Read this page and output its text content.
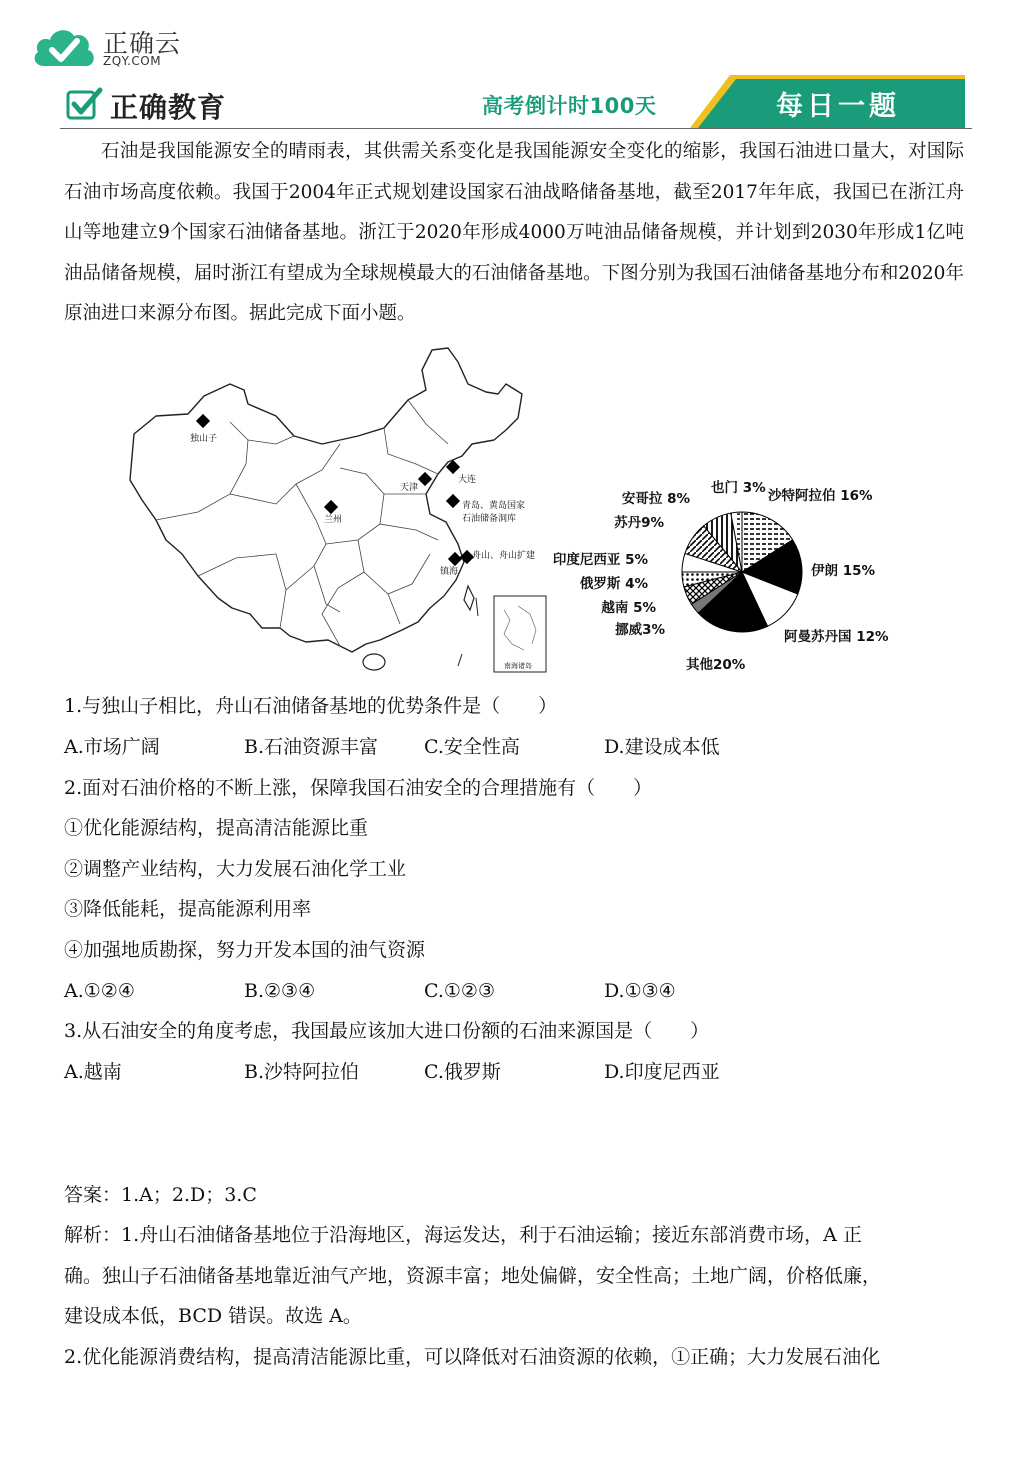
正确云
ZQY.COM
正确教育	高考倒计时100天	每日一题
石油是我国能源安全的晴雨表，其供需关系变化是我国能源安全变化的缩影，我国石油进口量大，对国际石油市场高度依赖。我国于2004年正式规划建设国家石油战略储备基地，截至2017年年底，我国已在浙江舟山等地建立9个国家石油储备基地。浙江于2020年形成4000万吨油品储备规模，并计划到2030年形成1亿吨油品储备规模，届时浙江有望成为全球规模最大的石油储备基地。下图分别为我国石油储备基地分布和2020年原油进口来源分布图。据此完成下面小题。
南海诸岛
独山子
兰州
天津
大连
青岛、黄岛国家
石油储备洞库
舟山、舟山扩建
镇海
沙特阿拉伯 16%
伊朗 15%
阿曼苏丹国 12%
其他20%
挪威3%
越南 5%
俄罗斯 4%
印度尼西亚 5%
苏丹9%
安哥拉 8%
也门 3%
1.与独山子相比，舟山石油储备基地的优势条件是（　　）
A.市场广阔	B.石油资源丰富 C.安全性高	D.建设成本低
2.面对石油价格的不断上涨，保障我国石油安全的合理措施有（　　）
①优化能源结构，提高清洁能源比重
②调整产业结构，大力发展石油化学工业
③降低能耗，提高能源利用率
④加强地质勘探，努力开发本国的油气资源
A.①②④	B.②③④	C.①②③	D.①③④
3.从石油安全的角度考虑，我国最应该加大进口份额的石油来源国是（　　）
A.越南	B.沙特阿拉伯	C.俄罗斯	D.印度尼西亚
答案：1.A；2.D；3.C
解析：1.舟山石油储备基地位于沿海地区，海运发达，利于石油运输；接近东部消费市场，A 正
确。独山子石油储备基地靠近油气产地，资源丰富；地处偏僻，安全性高；土地广阔，价格低廉，
建设成本低，BCD 错误。故选 A。
2.优化能源消费结构，提高清洁能源比重，可以降低对石油资源的依赖，①正确；大力发展石油化
